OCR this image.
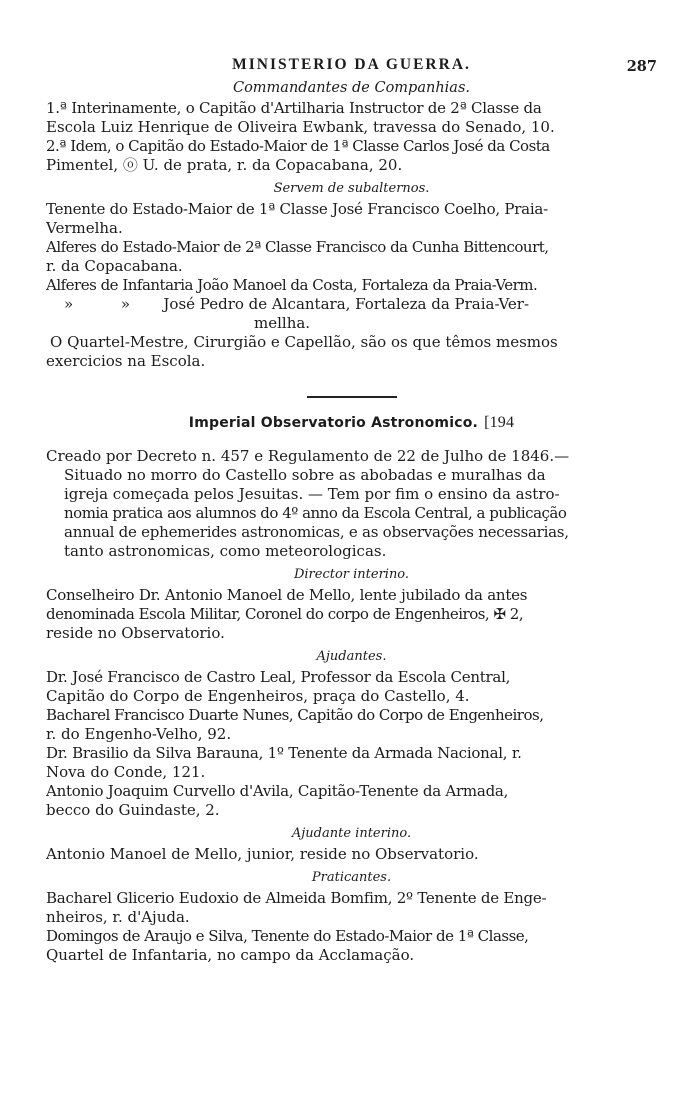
MINISTERIO DA GUERRA.	287
Commandantes de Companhias.
1.ª Interinamente, o Capitão d'Artilharia Instructor de 2ª Classe da
Escola Luiz Henrique de Oliveira Ewbank, travessa do Senado, 10.
2.ª Idem, o Capitão do Estado-Maior de 1ª Classe Carlos José da Costa
Pimentel, ⓞ U. de prata, r. da Copacabana, 20.
Servem de subalternos.
Tenente do Estado-Maior de 1ª Classe José Francisco Coelho, Praia-
Vermelha.
Alferes do Estado-Maior de 2ª Classe Francisco da Cunha Bittencourt,
r. da Copacabana.
Alferes de Infantaria João Manoel da Costa, Fortaleza da Praia-Verm.
»          »       José Pedro de Alcantara, Fortaleza da Praia-Ver-
mellha.
O Quartel-Mestre, Cirurgião e Capellão, são os que têmos mesmos
exercicios na Escola.
Imperial Observatorio Astronomico. [194
Creado por Decreto n. 457 e Regulamento de 22 de Julho de 1846.—
Situado no morro do Castello sobre as abobadas e muralhas da
igreja começada pelos Jesuitas. — Tem por fim o ensino da astro-
nomia pratica aos alumnos do 4º anno da Escola Central, a publicação
annual de ephemerides astronomicas, e as observações necessarias,
tanto astronomicas, como meteorologicas.
Director interino.
Conselheiro Dr. Antonio Manoel de Mello, lente jubilado da antes
denominada Escola Militar, Coronel do corpo de Engenheiros, ✠ 2,
reside no Observatorio.
Ajudantes.
Dr. José Francisco de Castro Leal, Professor da Escola Central,
Capitão do Corpo de Engenheiros, praça do Castello, 4.
Bacharel Francisco Duarte Nunes, Capitão do Corpo de Engenheiros,
r. do Engenho-Velho, 92.
Dr. Brasilio da Silva Barauna, 1º Tenente da Armada Nacional, r.
Nova do Conde, 121.
Antonio Joaquim Curvello d'Avila, Capitão-Tenente da Armada,
becco do Guindaste, 2.
Ajudante interino.
Antonio Manoel de Mello, junior, reside no Observatorio.
Praticantes.
Bacharel Glicerio Eudoxio de Almeida Bomfim, 2º Tenente de Enge-
nheiros, r. d'Ajuda.
Domingos de Araujo e Silva, Tenente do Estado-Maior de 1ª Classe,
Quartel de Infantaria, no campo da Acclamação.
